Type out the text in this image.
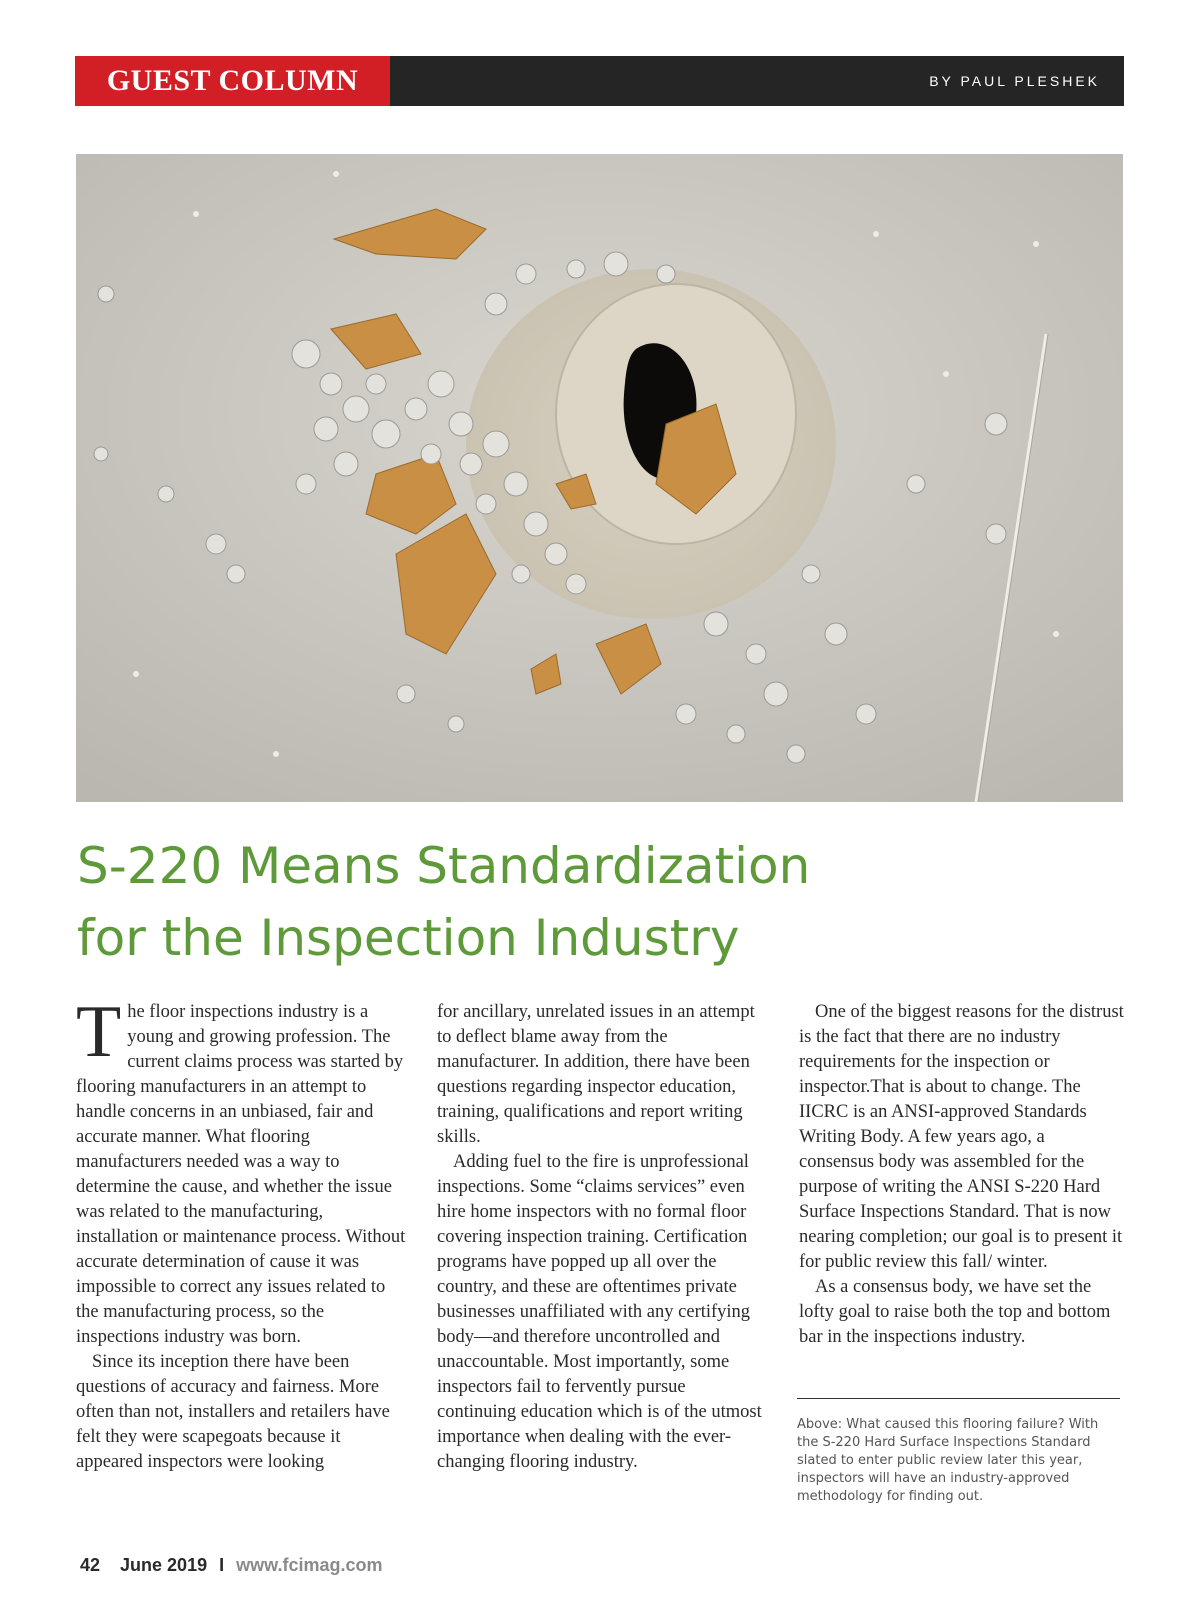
GUEST COLUMN	BY PAUL PLESHEK
S-220 Means Standardization
for the Inspection Industry

The floor inspections industry is a young and growing profession. The current claims process was started by flooring manufacturers in an attempt to handle concerns in an unbiased, fair and accurate manner. What flooring manufacturers needed was a way to determine the cause, and whether the issue was related to the manufacturing, installation or maintenance process. Without accurate determination of cause it was impossible to correct any issues related to the manufacturing process, so the inspections industry was born.

Since its inception there have been questions of accuracy and fairness. More often than not, installers and retailers have felt they were scapegoats because it appeared inspectors were looking

for ancillary, unrelated issues in an attempt to deflect blame away from the manufacturer. In addition, there have been questions regarding inspector education, training, qualifications and report writing skills.

Adding fuel to the fire is unprofessional inspections. Some “claims services” even hire home inspectors with no formal floor covering inspection training. Certification programs have popped up all over the country, and these are oftentimes private businesses unaffiliated with any certifying body—and therefore uncontrolled and unaccountable. Most importantly, some inspectors fail to fervently pursue continuing education which is of the utmost importance when dealing with the ever-changing flooring industry.

One of the biggest reasons for the distrust is the fact that there are no industry requirements for the inspection or inspector.That is about to change. The IICRC is an ANSI-approved Standards Writing Body. A few years ago, a consensus body was assembled for the purpose of writing the ANSI S-220 Hard Surface Inspections Standard. That is now nearing completion; our goal is to present it for public review this fall/ winter.

As a consensus body, we have set the lofty goal to raise both the top and bottom bar in the inspections industry.

Above: What caused this flooring failure? With the S-220 Hard Surface Inspections Standard slated to enter public review later this year, inspectors will have an industry-approved methodology for finding out.
42 June 2019 I www.fcimag.com
